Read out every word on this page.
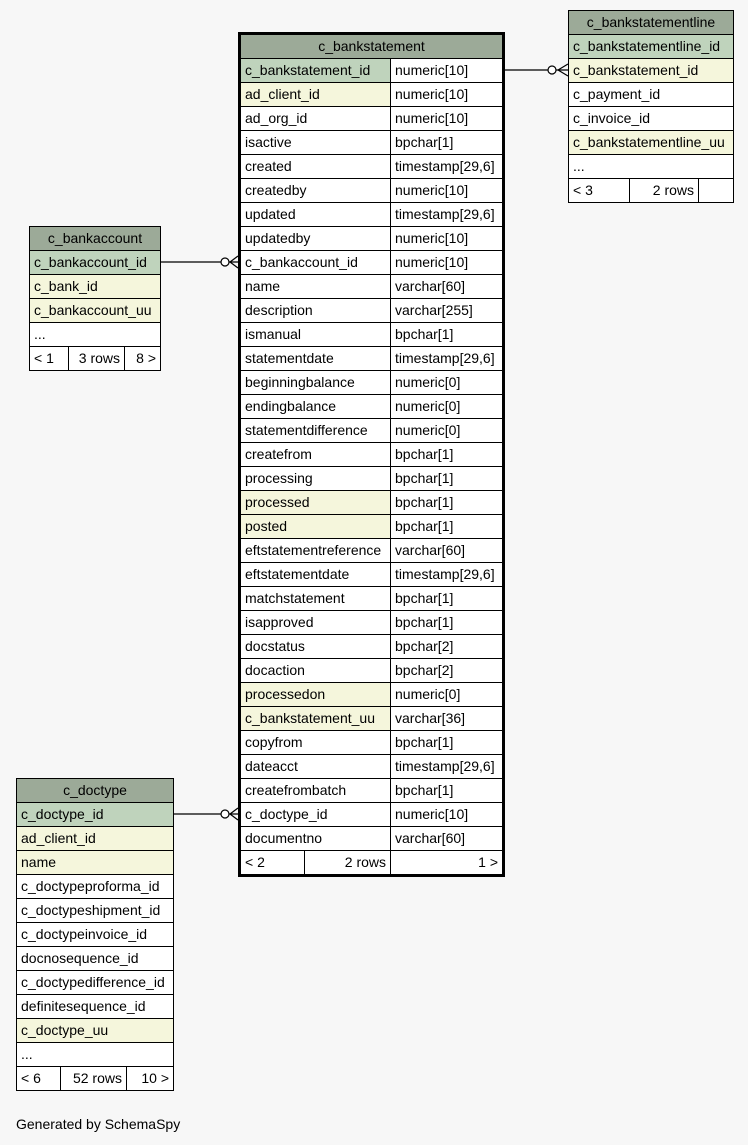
c_bankstatement
c_bankstatement_id	numeric[10]
ad_client_id	numeric[10]
ad_org_id	numeric[10]
isactive	bpchar[1]
created	timestamp[29,6]
createdby	numeric[10]
updated	timestamp[29,6]
updatedby	numeric[10]
c_bankaccount_id	numeric[10]
name	varchar[60]
description	varchar[255]
ismanual	bpchar[1]
statementdate	timestamp[29,6]
beginningbalance	numeric[0]
endingbalance	numeric[0]
statementdifference	numeric[0]
createfrom	bpchar[1]
processing	bpchar[1]
processed	bpchar[1]
posted	bpchar[1]
eftstatementreference varchar[60]
eftstatementdate	timestamp[29,6]
matchstatement	bpchar[1]
isapproved	bpchar[1]
docstatus	bpchar[2]
docaction	bpchar[2]
processedon	numeric[0]
c_bankstatement_uu	varchar[36]
copyfrom	bpchar[1]
dateacct	timestamp[29,6]
createfrombatch	bpchar[1]
c_doctype_id	numeric[10]
documentno	varchar[60]
< 2	2 rows	1 >
c_bankstatementline
c_bankstatementline_id
c_bankstatement_id
c_payment_id
c_invoice_id
c_bankstatementline_uu
...
< 3	2 rows
c_bankaccount
c_bankaccount_id
c_bank_id
c_bankaccount_uu
...
< 1	3 rows	8 >
c_doctype
c_doctype_id
ad_client_id
name
c_doctypeproforma_id
c_doctypeshipment_id
c_doctypeinvoice_id
docnosequence_id
c_doctypedifference_id
definitesequence_id
c_doctype_uu
...
< 6	52 rows	10 >
Generated by SchemaSpy
